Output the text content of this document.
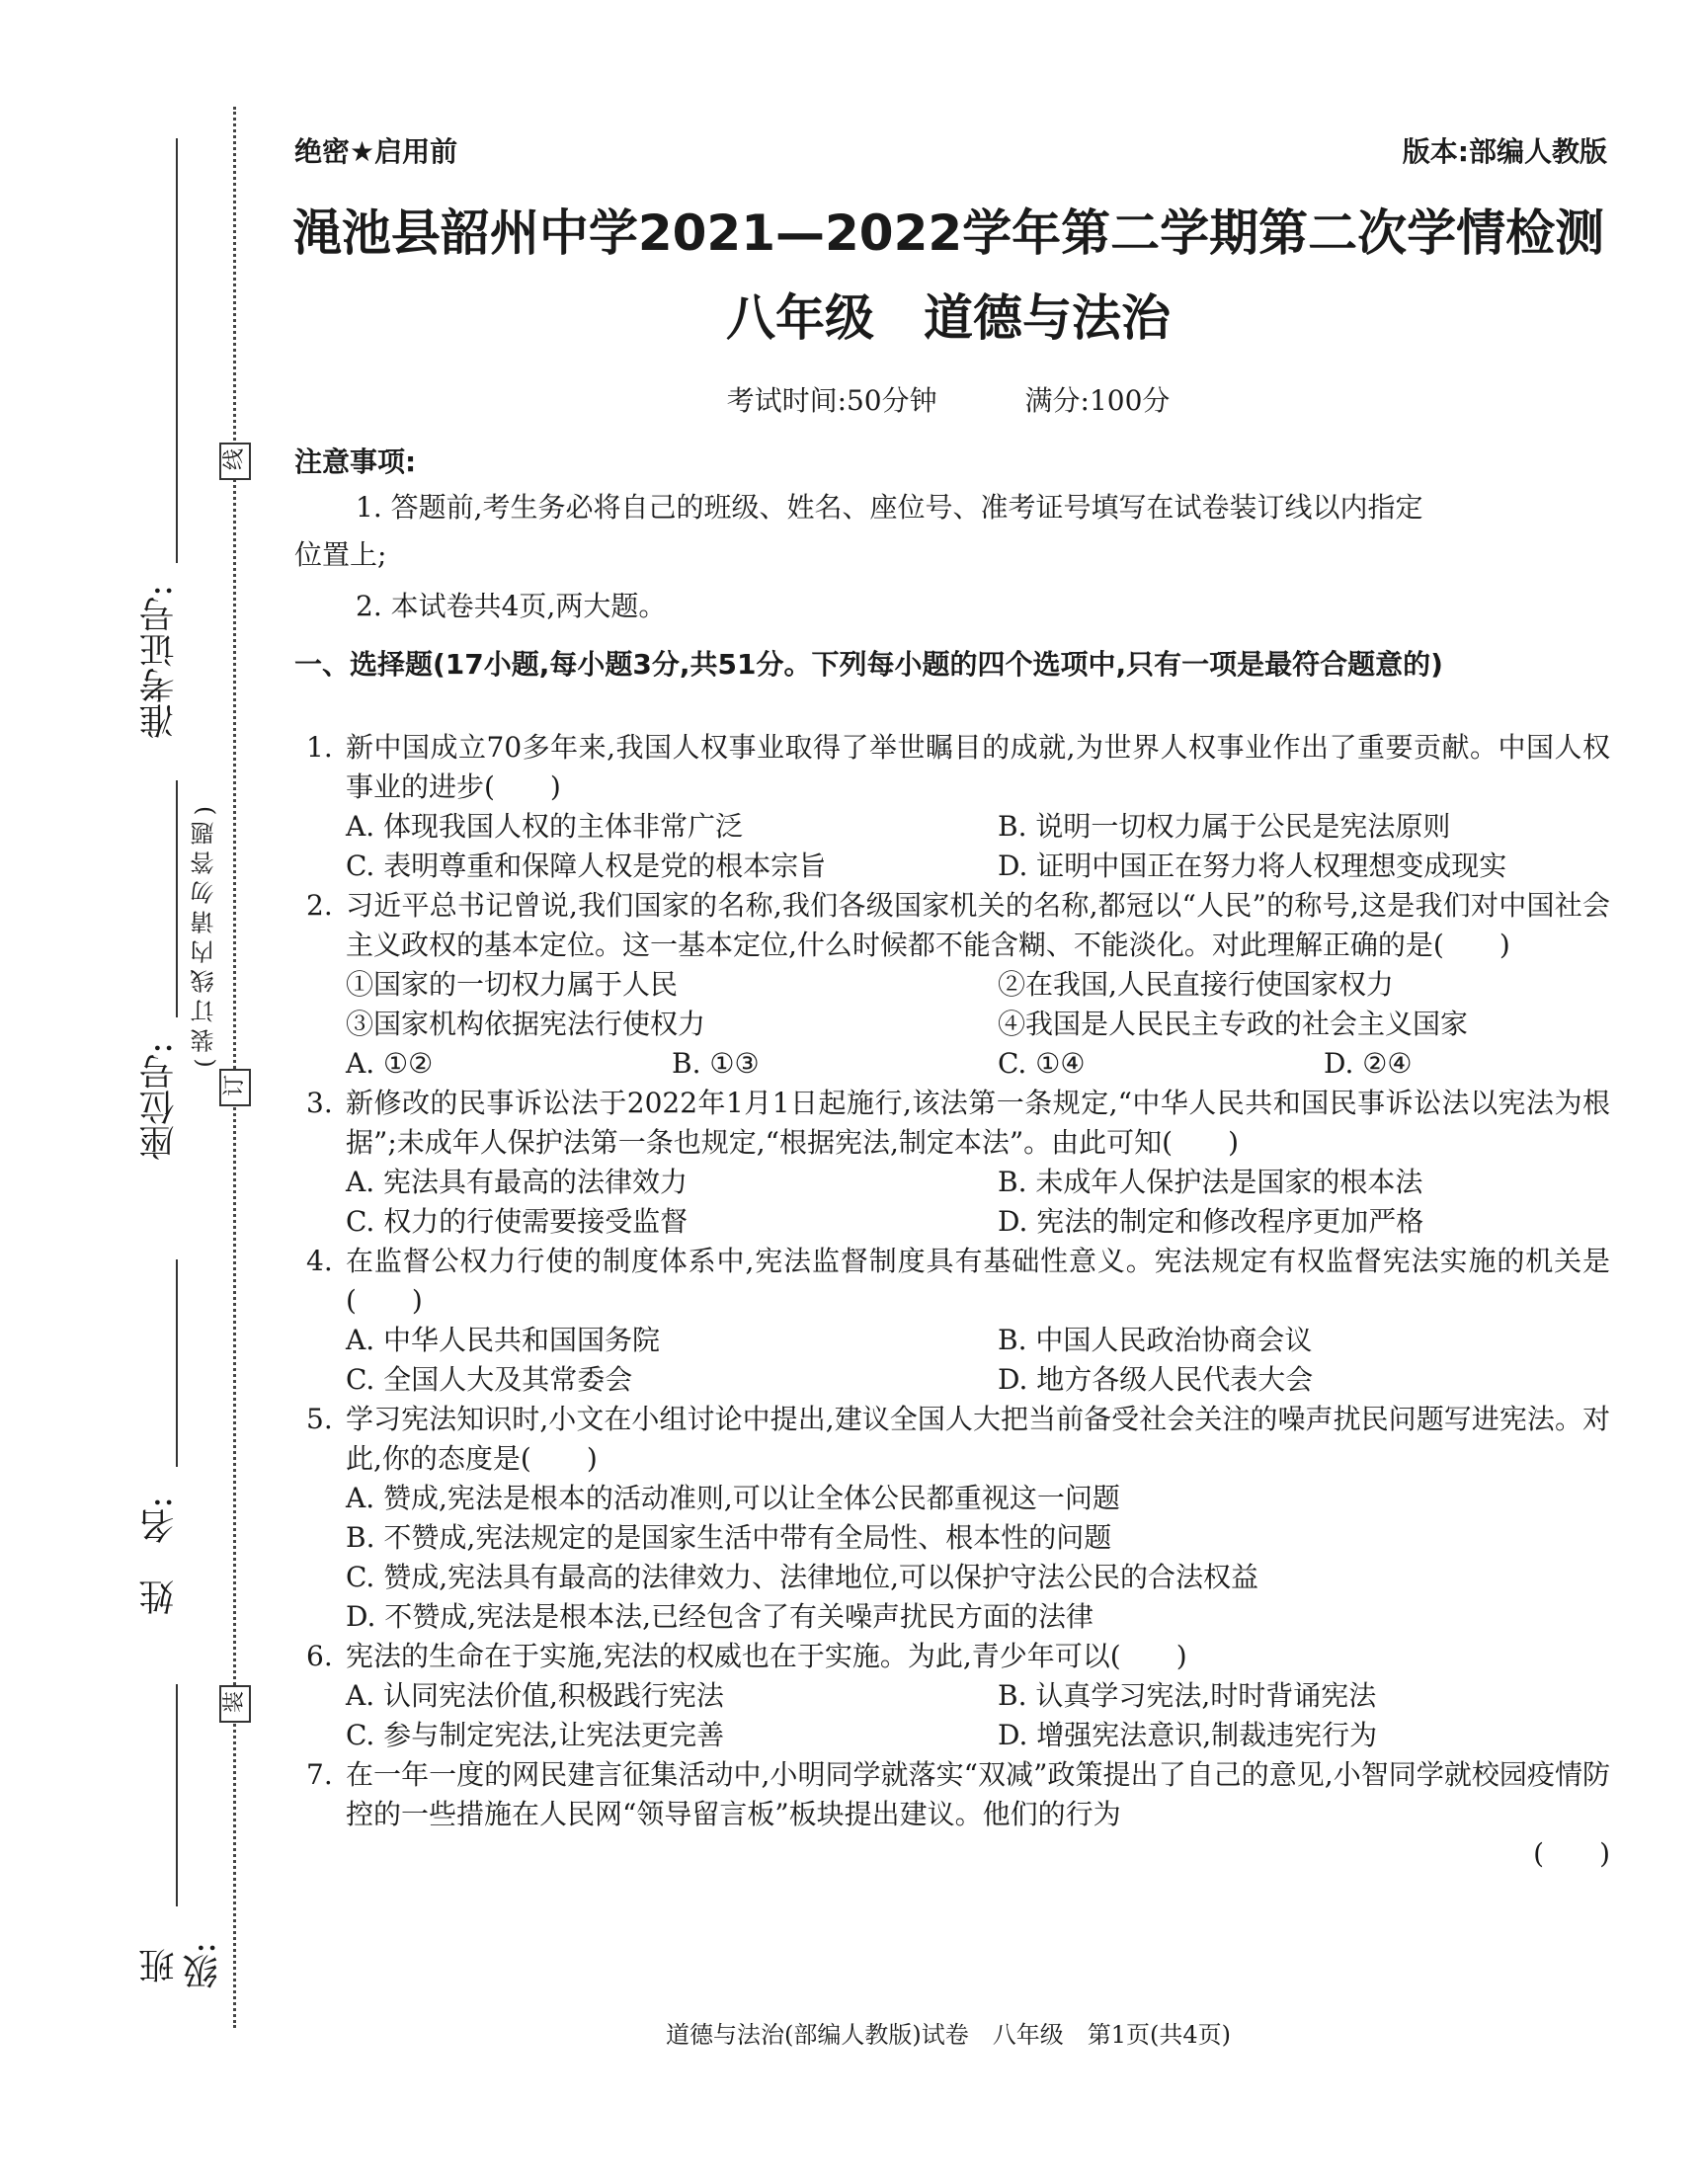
线
订
装
(装订线内请勿答题)
准考证号:
座位号:
姓　名:
班　级:
绝密★启用前	版本:部编人教版
渑池县韶州中学2021—2022学年第二学期第二次学情检测
八年级　道德与法治
考试时间:50分钟	满分:100分
注意事项:
1. 答题前,考生务必将自己的班级、姓名、座位号、准考证号填写在试卷装订线以内指定
位置上;
2. 本试卷共4页,两大题。
一、选择题(17小题,每小题3分,共51分。下列每小题的四个选项中,只有一项是最符合题意的)
1. 新中国成立70多年来,我国人权事业取得了举世瞩目的成就,为世界人权事业作出了重要贡献。中国人权事业的进步(　　)
A. 体现我国人权的主体非常广泛	B. 说明一切权力属于公民是宪法原则
C. 表明尊重和保障人权是党的根本宗旨	D. 证明中国正在努力将人权理想变成现实
2. 习近平总书记曾说,我们国家的名称,我们各级国家机关的名称,都冠以“人民”的称号,这是我们对中国社会主义政权的基本定位。这一基本定位,什么时候都不能含糊、不能淡化。对此理解正确的是(　　)
①国家的一切权力属于人民	②在我国,人民直接行使国家权力
③国家机构依据宪法行使权力	④我国是人民民主专政的社会主义国家
A. ①②	B. ①③	C. ①④	D. ②④
3. 新修改的民事诉讼法于2022年1月1日起施行,该法第一条规定,“中华人民共和国民事诉讼法以宪法为根据”;未成年人保护法第一条也规定,“根据宪法,制定本法”。由此可知(　　)
A. 宪法具有最高的法律效力	B. 未成年人保护法是国家的根本法
C. 权力的行使需要接受监督	D. 宪法的制定和修改程序更加严格
4. 在监督公权力行使的制度体系中,宪法监督制度具有基础性意义。宪法规定有权监督宪法实施的机关是(　　)
A. 中华人民共和国国务院	B. 中国人民政治协商会议
C. 全国人大及其常委会	D. 地方各级人民代表大会
5. 学习宪法知识时,小文在小组讨论中提出,建议全国人大把当前备受社会关注的噪声扰民问题写进宪法。对此,你的态度是(　　)
A. 赞成,宪法是根本的活动准则,可以让全体公民都重视这一问题
B. 不赞成,宪法规定的是国家生活中带有全局性、根本性的问题
C. 赞成,宪法具有最高的法律效力、法律地位,可以保护守法公民的合法权益
D. 不赞成,宪法是根本法,已经包含了有关噪声扰民方面的法律
6. 宪法的生命在于实施,宪法的权威也在于实施。为此,青少年可以(　　)
A. 认同宪法价值,积极践行宪法	B. 认真学习宪法,时时背诵宪法
C. 参与制定宪法,让宪法更完善	D. 增强宪法意识,制裁违宪行为
7. 在一年一度的网民建言征集活动中,小明同学就落实“双减”政策提出了自己的意见,小智同学就校园疫情防控的一些措施在人民网“领导留言板”板块提出建议。他们的行为
(　　)
道德与法治(部编人教版)试卷　八年级　第1页(共4页)
